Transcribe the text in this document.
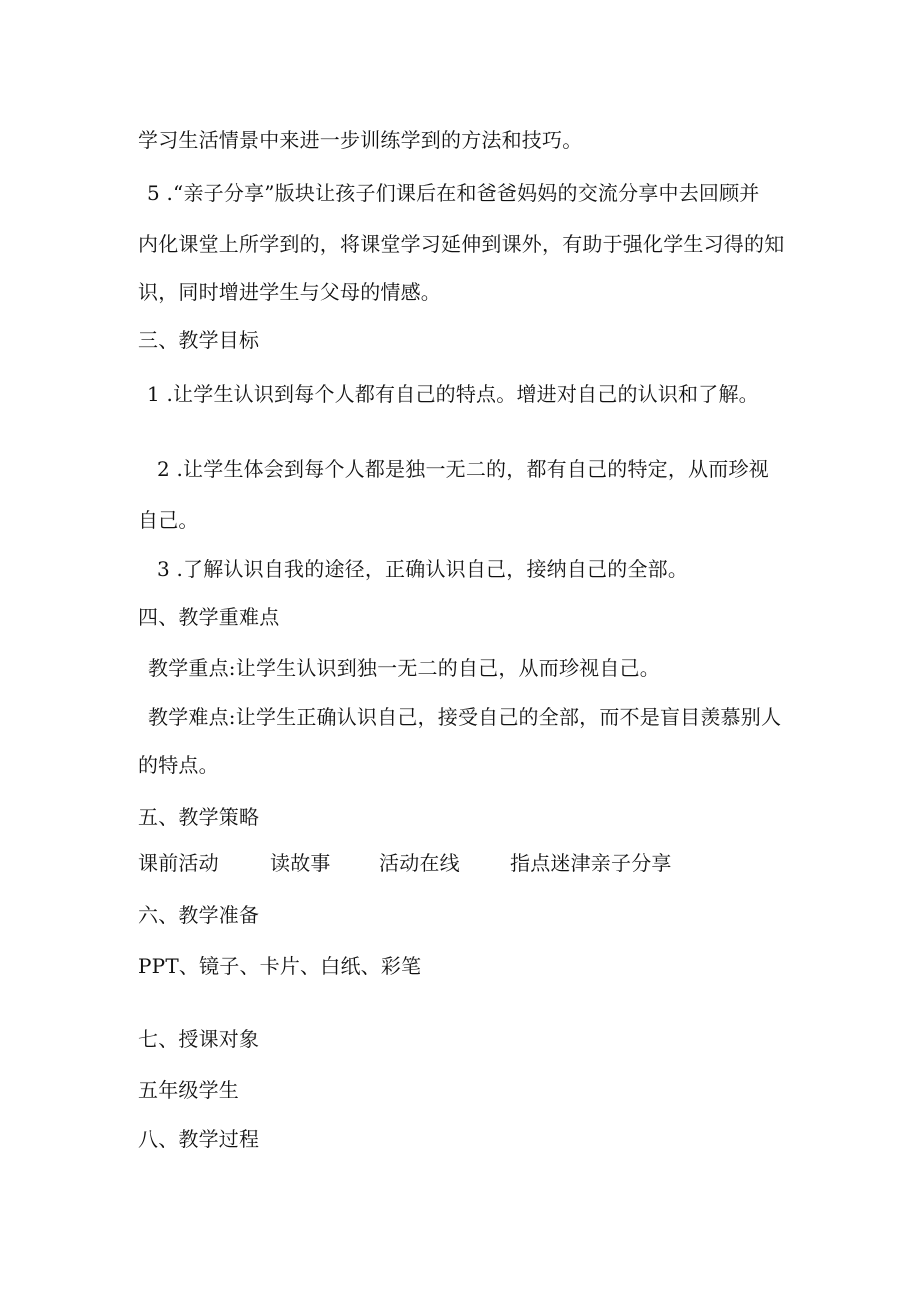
学习生活情景中来进一步训练学到的方法和技巧。
5 .“亲子分享”版块让孩子们课后在和爸爸妈妈的交流分享中去回顾并
内化课堂上所学到的，将课堂学习延伸到课外，有助于强化学生习得的知
识，同时增进学生与父母的情感。
三、教学目标
1 .让学生认识到每个人都有自己的特点。增进对自己的认识和了解。
2 .让学生体会到每个人都是独一无二的，都有自己的特定，从而珍视
自己。
3 .了解认识自我的途径，正确认识自己，接纳自己的全部。
四、教学重难点
教学重点:让学生认识到独一无二的自己，从而珍视自己。
教学难点:让学生正确认识自己，接受自己的全部，而不是盲目羡慕别人
的特点。
五、教学策略
课前活动	读故事 活动在线	指点迷津亲子分享
六、教学准备
PPT、镜子、卡片、白纸、彩笔
七、授课对象
五年级学生
八、教学过程
